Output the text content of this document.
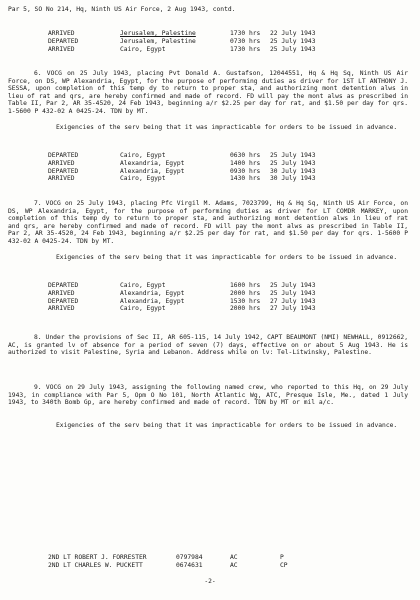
Par 5, SO No 214, Hq, Ninth US Air Force, 2 Aug 1943, contd.
ARRIVED	Jerusalem, Palestine	1730 hrs 22 July 1943
DEPARTED	Jerusalem, Palestine	0730 hrs 25 July 1943
ARRIVED	Cairo, Egypt	1730 hrs 25 July 1943
6. VOCG on 25 July 1943, placing Pvt Donald A. Gustafson, 12044551, Hq & Hq Sq, Ninth US Air Force, on DS, WP Alexandria, Egypt, for the purpose of performing duties as driver for 1ST LT ANTHONY J. SESSA, upon completion of this temp dy to return to proper sta, and authorizing mont detention alws in lieu of rat and qrs, are hereby confirmed and made of record. FD will pay the mont alws as prescribed in Table II, Par 2, AR 35-4520, 24 Feb 1943, beginning a/r $2.25 per day for rat, and $1.50 per day for qrs. 1-5600 P 432-02 A 0425-24. TDN by MT.
Exigencies of the serv being that it was impracticable for orders to be issued in advance.
DEPARTED	Cairo, Egypt	0630 hrs 25 July 1943
ARRIVED	Alexandria, Egypt	1400 hrs 25 July 1943
DEPARTED	Alexandria, Egypt	0930 hrs 30 July 1943
ARRIVED	Cairo, Egypt	1430 hrs 30 July 1943
7. VOCG on 25 July 1943, placing Pfc Virgil M. Adams, 7023799, Hq & Hq Sq, Ninth US Air Force, on DS, WP Alexandria, Egypt, for the purpose of performing duties as driver for LT COMDR MARKEY, upon completion of this temp dy to return to proper sta, and authorizing mont detention alws in lieu of rat and qrs, are hereby confirmed and made of record. FD will pay the mont alws as prescribed in Table II, Par 2, AR 35-4520, 24 Feb 1943, beginning a/r $2.25 per day for rat, and $1.50 per day for qrs. 1-5600 P 432-02 A 0425-24. TDN by MT.
Exigencies of the serv being that it was impracticable for orders to be issued in advance.
DEPARTED	Cairo, Egypt	1600 hrs 25 July 1943
ARRIVED	Alexandria, Egypt	2000 hrs 25 July 1943
DEPARTED	Alexandria, Egypt	1530 hrs 27 July 1943
ARRIVED	Cairo, Egypt	2000 hrs 27 July 1943
8. Under the provisions of Sec II, AR 605-115, 14 July 1942, CAPT BEAUMONT (NMI) NEWHALL, 0912662, AC, is granted lv of absence for a period of seven (7) days, effective on or about 5 Aug 1943. He is authorized to visit Palestine, Syria and Lebanon. Address while on lv: Tel-Litwinsky, Palestine.
9. VOCG on 29 July 1943, assigning the following named crew, who reported to this Hq, on 29 July 1943, in compliance with Par 5, Opm O No 101, North Atlantic Wg, ATC, Presque Isle, Me., dated 1 July 1943, to 340th Bomb Gp, are hereby confirmed and made of record. TDN by MT or mil a/c.
Exigencies of the serv being that it was impracticable for orders to be issued in advance.
2ND LT ROBERT J. FORRESTER	0797984	AC	P
2ND LT CHARLES W. PUCKETT	0674631	AC	CP
-2-
